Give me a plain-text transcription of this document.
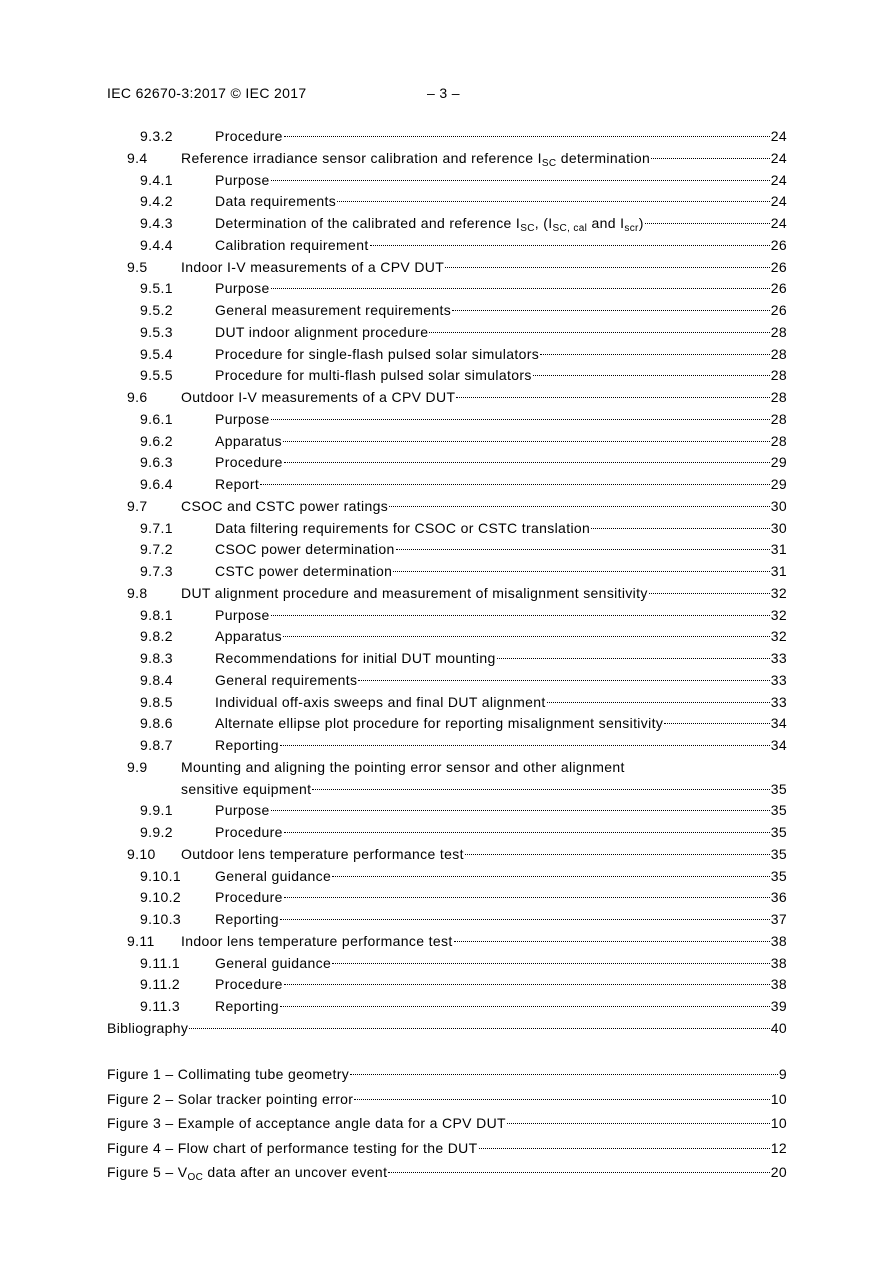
IEC 62670-3:2017 © IEC 2017	– 3 –
9.3.2	Procedure	24
9.4 Reference irradiance sensor calibration and reference $I_{SC}$ determination	24
9.4.1	Purpose	24
9.4.2	Data requirements	24
9.4.3	Determination of the calibrated and reference $I_{SC}$, ($I_{SC, cal}$ and $I_{scr}$)	24
9.4.4	Calibration requirement	26
9.5 Indoor I-V measurements of a CPV DUT	26
9.5.1	Purpose	26
9.5.2	General measurement requirements	26
9.5.3	DUT indoor alignment procedure	28
9.5.4	Procedure for single-flash pulsed solar simulators	28
9.5.5	Procedure for multi-flash pulsed solar simulators	28
9.6 Outdoor I-V measurements of a CPV DUT	28
9.6.1	Purpose	28
9.6.2	Apparatus	28
9.6.3	Procedure	29
9.6.4	Report	29
9.7 CSOC and CSTC power ratings	30
9.7.1	Data filtering requirements for CSOC or CSTC translation	30
9.7.2	CSOC power determination	31
9.7.3	CSTC power determination	31
9.8 DUT alignment procedure and measurement of misalignment sensitivity	32
9.8.1	Purpose	32
9.8.2	Apparatus	32
9.8.3	Recommendations for initial DUT mounting	33
9.8.4	General requirements	33
9.8.5	Individual off-axis sweeps and final DUT alignment	33
9.8.6	Alternate ellipse plot procedure for reporting misalignment sensitivity	34
9.8.7	Reporting	34
9.9 Mounting and aligning the pointing error sensor and other alignment
sensitive equipment	35
9.9.1	Purpose	35
9.9.2	Procedure	35
9.10 Outdoor lens temperature performance test	35
9.10.1 General guidance	35
9.10.2 Procedure	36
9.10.3 Reporting	37
9.11 Indoor lens temperature performance test	38
9.11.1	General guidance	38
9.11.2	Procedure	38
9.11.3	Reporting	39
Bibliography	40
Figure 1 – Collimating tube geometry	9
Figure 2 – Solar tracker pointing error	10
Figure 3 – Example of acceptance angle data for a CPV DUT	10
Figure 4 – Flow chart of performance testing for the DUT	12
Figure $5 - V_{OC}$ data after an uncover event	20
